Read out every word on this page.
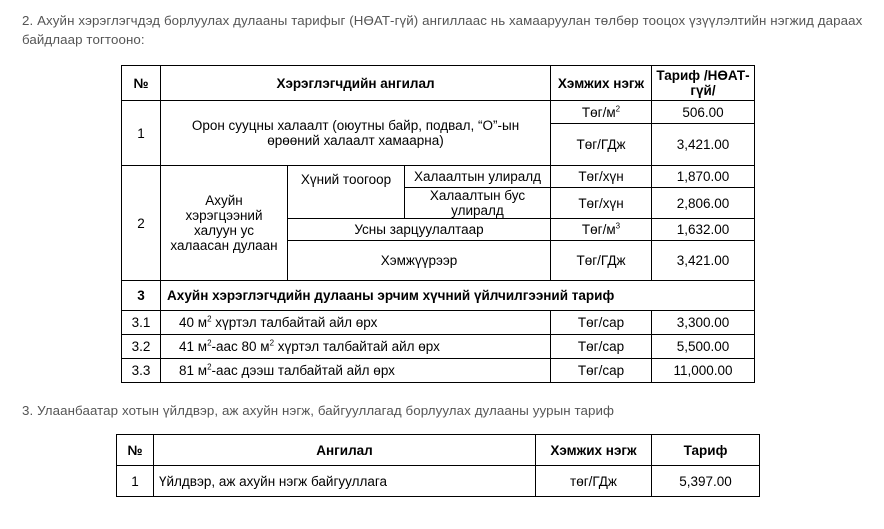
2. Ахуйн хэрэглэгчдэд борлуулах дулааны тарифыг (НӨАТ-гүй) ангиллаас нь хамааруулан төлбөр тооцох үзүүлэлтийн нэгжид дараах байдлаар тогтооно:
№	Хэрэглэгчдийн ангилал			Хэмжих нэгж	Тариф /НӨАТ-гүй/
1	Орон сууцны халаалт (оюутны байр, подвал, “О”-ын өрөөний халаалт хамаарна)			Төг/$м^2$	506.00
				Төг/ГДж	3,421.00
2	Ахуйн хэрэгцээний халуун ус халаасан дулаан	Хүний тоогоор	Халаалтын улиралд	Төг/хүн	1,870.00
			Халаалтын бус улиралд	Төг/хүн	2,806.00
		Усны зарцуулалтаар		Төг/$м^3$	1,632.00
		Хэмжүүрээр		Төг/ГДж	3,421.00
3	Ахуйн хэрэглэгчдийн дулааны эрчим хүчний үйлчилгээний тариф				
3.1	40 $м^2$ хүртэл талбайтай айл өрх			Төг/сар	3,300.00
3.2	41 $м^2$-аас 80 $м^2$ хүртэл талбайтай айл өрх			Төг/сар	5,500.00
3.3	81 $м^2$-аас дээш талбайтай айл өрх			Төг/сар	11,000.00
3. Улаанбаатар хотын үйлдвэр, аж ахуйн нэгж, байгууллагад борлуулах дулааны уурын тариф
№	Ангилал	Хэмжих нэгж	Тариф
1	Үйлдвэр, аж ахуйн нэгж байгууллага	төг/ГДж	5,397.00
